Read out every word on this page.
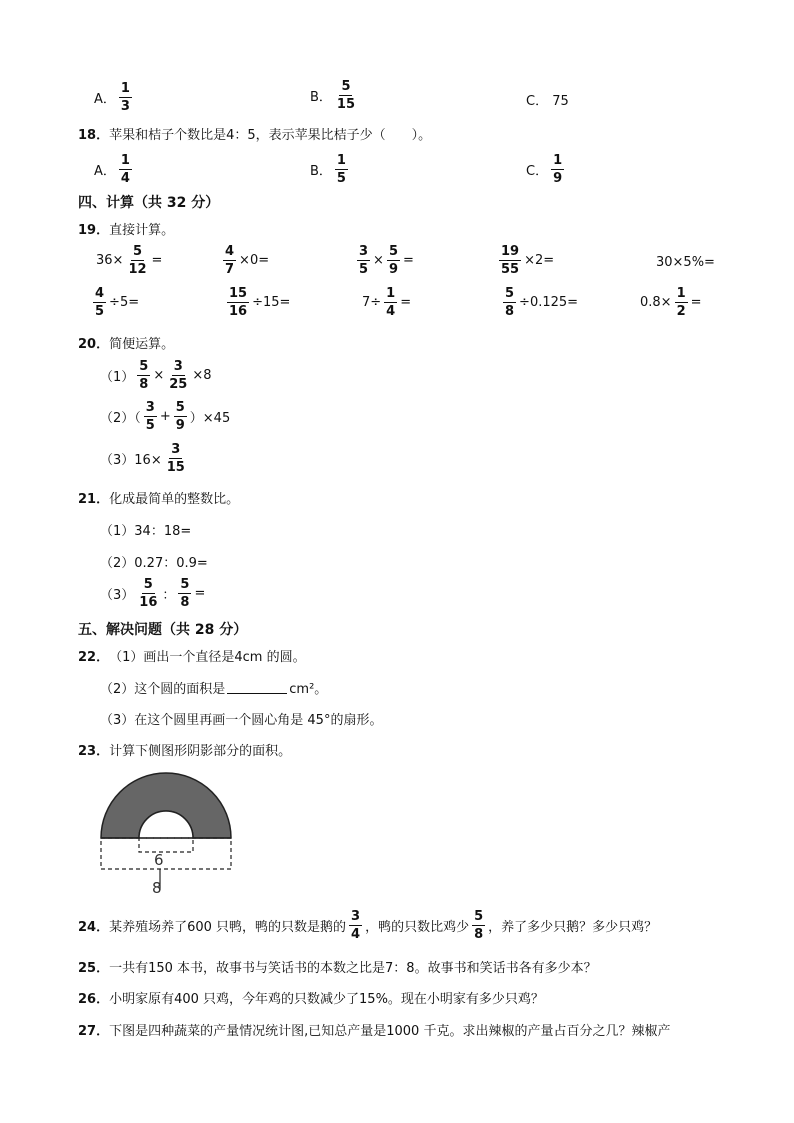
A． $\frac{1}{3}$	B． $\frac{5}{15}$	C． 75
18． 苹果和桔子个数比是4：5，表示苹果比桔子少（　　）。
A． $\frac{1}{4}$	B． $\frac{1}{5}$	C． $\frac{1}{9}$
四、计算（共 32 分）
19． 直接计算。
$36\times \frac{5}{12}$ =	$\frac{4}{7} \times 0=$	$\frac{3}{5} \times \frac{5}{9}$ =	$\frac{19}{55} \times 2=$	30×5%=
$\frac{4}{5} \div 5=$	$\frac{15}{16} \div 15=$	$7\div \frac{1}{4}$ =	$\frac{5}{8} \div 0.125=$	$0.8\times \frac{1}{2}$ =
20． 简便运算。
$(1) \frac{5}{8} \times \frac{3}{25} \times 8$
$(2)( \frac{3}{5} + \frac{5}{9} )\times 45$
$(3)16\times \frac{3}{15}$
21． 化成最简单的整数比。
（1）34：18=
（2）0.27：0.9=
$(3) \frac{5}{16}$ ： $\frac{5}{8}$ =
五、解决问题（共 28 分）
22． （1）画出一个直径是4cm 的圆。
（2）这个圆的面积是	cm²。
（3）在这个圆里再画一个圆心角是 45°的扇形。
23． 计算下侧图形阴影部分的面积。
6
8
24． 某养殖场养了600 只鸭，鸭的只数是鹅的 $\frac{3}{4}$ ，鸭的只数比鸡少 $\frac{5}{8}$ ，养了多少只鹅？多少只鸡？
25． 一共有150 本书，故事书与笑话书的本数之比是7：8。故事书和笑话书各有多少本？
26． 小明家原有400 只鸡，今年鸡的只数减少了15%。现在小明家有多少只鸡？
27． 下图是四种蔬菜的产量情况统计图,已知总产量是1000 千克。求出辣椒的产量占百分之几？辣椒产
